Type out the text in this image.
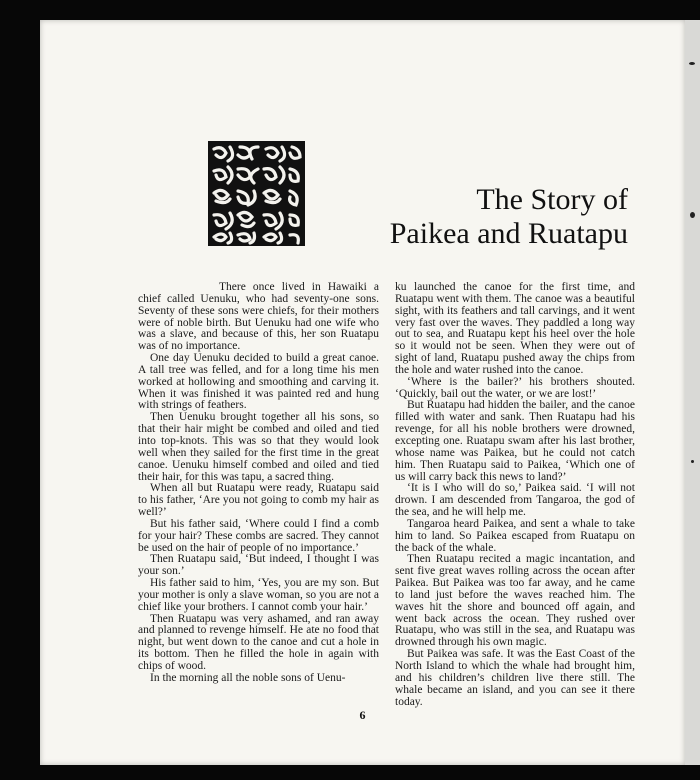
The Story of
Paikea and Ruatapu

There once lived in Hawaiki a chief called Uenuku, who had seventy-one sons. Seventy of these sons were chiefs, for their mothers were of noble birth. But Uenuku had one wife who was a slave, and because of this, her son Ruatapu was of no importance.

One day Uenuku decided to build a great canoe. A tall tree was felled, and for a long time his men worked at hollowing and smoothing and carving it. When it was finished it was painted red and hung with strings of feathers.

Then Uenuku brought together all his sons, so that their hair might be combed and oiled and tied into top-knots. This was so that they would look well when they sailed for the first time in the great canoe. Uenuku himself combed and oiled and tied their hair, for this was tapu, a sacred thing.

When all but Ruatapu were ready, Ruatapu said to his father, ‘Are you not going to comb my hair as well?’

But his father said, ‘Where could I find a comb for your hair? These combs are sacred. They cannot be used on the hair of people of no importance.’

Then Ruatapu said, ‘But indeed, I thought I was your son.’

His father said to him, ‘Yes, you are my son. But your mother is only a slave woman, so you are not a chief like your brothers. I cannot comb your hair.’

Then Ruatapu was very ashamed, and ran away and planned to revenge himself. He ate no food that night, but went down to the canoe and cut a hole in its bottom. Then he filled the hole in again with chips of wood.

In the morning all the noble sons of Uenu-

ku launched the canoe for the first time, and Ruatapu went with them. The canoe was a beautiful sight, with its feathers and tall carvings, and it went very fast over the waves. They paddled a long way out to sea, and Ruatapu kept his heel over the hole so it would not be seen. When they were out of sight of land, Ruatapu pushed away the chips from the hole and water rushed into the canoe.

‘Where is the bailer?’ his brothers shouted. ‘Quickly, bail out the water, or we are lost!’

But Ruatapu had hidden the bailer, and the canoe filled with water and sank. Then Ruatapu had his revenge, for all his noble brothers were drowned, excepting one. Ruatapu swam after his last brother, whose name was Paikea, but he could not catch him. Then Ruatapu said to Paikea, ‘Which one of us will carry back this news to land?’

‘It is I who will do so,’ Paikea said. ‘I will not drown. I am descended from Tangaroa, the god of the sea, and he will help me.

Tangaroa heard Paikea, and sent a whale to take him to land. So Paikea escaped from Ruatapu on the back of the whale.

Then Ruatapu recited a magic incantation, and sent five great waves rolling across the ocean after Paikea. But Paikea was too far away, and he came to land just before the waves reached him. The waves hit the shore and bounced off again, and went back across the ocean. They rushed over Ruatapu, who was still in the sea, and Ruatapu was drowned through his own magic.

But Paikea was safe. It was the East Coast of the North Island to which the whale had brought him, and his children’s children live there still. The whale became an island, and you can see it there today.

6
